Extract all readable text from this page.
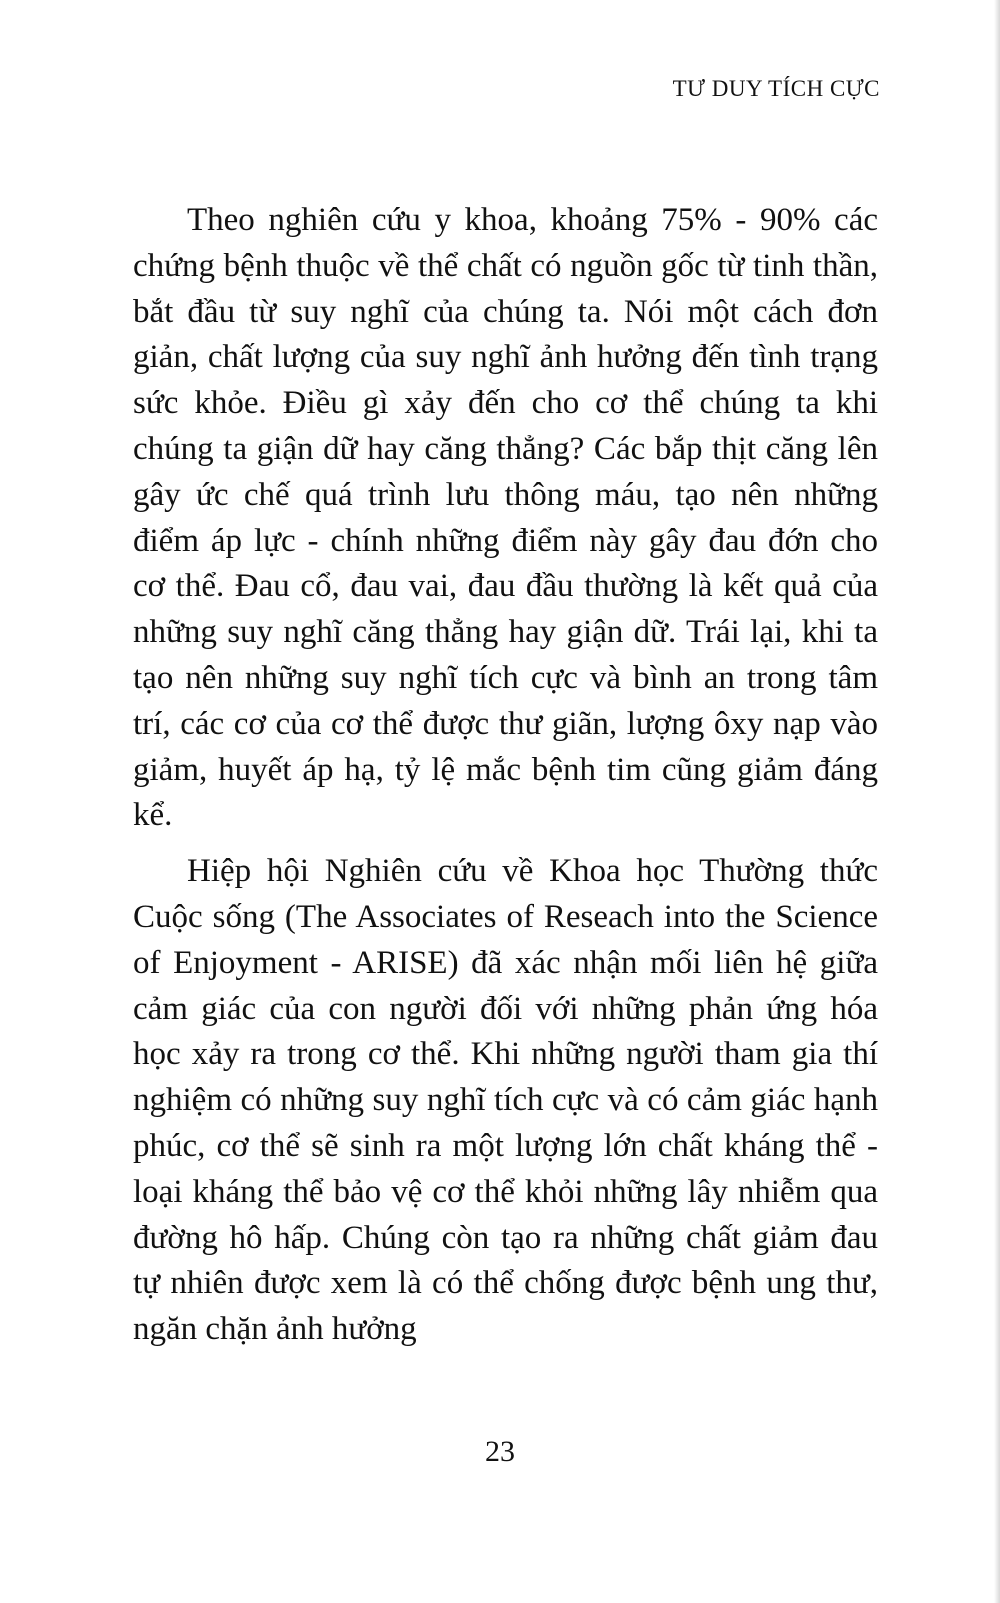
TƯ DUY TÍCH CỰC

Theo nghiên cứu y khoa, khoảng 75% - 90% các chứng bệnh thuộc về thể chất có nguồn gốc từ tinh thần, bắt đầu từ suy nghĩ của chúng ta. Nói một cách đơn giản, chất lượng của suy nghĩ ảnh hưởng đến tình trạng sức khỏe. Điều gì xảy đến cho cơ thể chúng ta khi chúng ta giận dữ hay căng thẳng? Các bắp thịt căng lên gây ức chế quá trình lưu thông máu, tạo nên những điểm áp lực - chính những điểm này gây đau đớn cho cơ thể. Đau cổ, đau vai, đau đầu thường là kết quả của những suy nghĩ căng thẳng hay giận dữ. Trái lại, khi ta tạo nên những suy nghĩ tích cực và bình an trong tâm trí, các cơ của cơ thể được thư giãn, lượng ôxy nạp vào giảm, huyết áp hạ, tỷ lệ mắc bệnh tim cũng giảm đáng kể.

Hiệp hội Nghiên cứu về Khoa học Thường thức Cuộc sống (The Associates of Reseach into the Science of Enjoyment - ARISE) đã xác nhận mối liên hệ giữa cảm giác của con người đối với những phản ứng hóa học xảy ra trong cơ thể. Khi những người tham gia thí nghiệm có những suy nghĩ tích cực và có cảm giác hạnh phúc, cơ thể sẽ sinh ra một lượng lớn chất kháng thể - loại kháng thể bảo vệ cơ thể khỏi những lây nhiễm qua đường hô hấp. Chúng còn tạo ra những chất giảm đau tự nhiên được xem là có thể chống được bệnh ung thư, ngăn chặn ảnh hưởng

23
